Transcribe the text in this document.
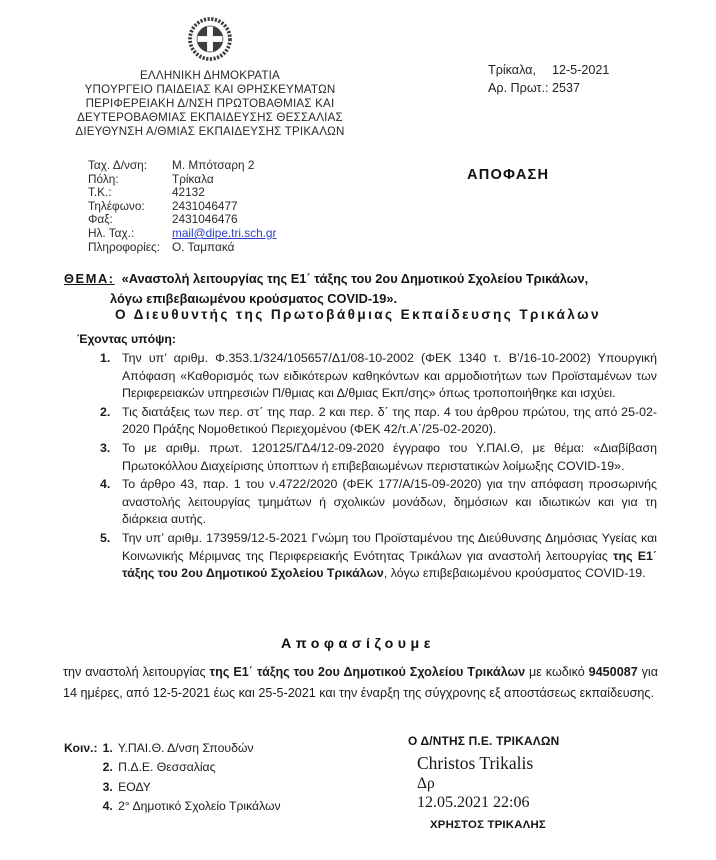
ΕΛΛΗΝΙΚΗ ΔΗΜΟΚΡΑΤΙΑ
ΥΠΟΥΡΓΕΙΟ ΠΑΙΔΕΙΑΣ ΚΑΙ ΘΡΗΣΚΕΥΜΑΤΩΝ
ΠΕΡΙΦΕΡΕΙΑΚΗ Δ/ΝΣΗ ΠΡΩΤΟΒΑΘΜΙΑΣ ΚΑΙ
ΔΕΥΤΕΡΟΒΑΘΜΙΑΣ ΕΚΠΑΙΔΕΥΣΗΣ ΘΕΣΣΑΛΙΑΣ
ΔΙΕΥΘΥΝΣΗ Α/ΘΜΙΑΣ ΕΚΠΑΙΔΕΥΣΗΣ ΤΡΙΚΑΛΩΝ
Τρίκαλα, 12-5-2021
Αρ. Πρωτ.: 2537
Ταχ. Δ/νση:	Μ. Μπότσαρη 2
Πόλη:	Τρίκαλα
Τ.Κ.:	42132
Τηλέφωνο:	2431046477
Φαξ:	2431046476
Ηλ. Ταχ.:	mail@dipe.tri.sch.gr
Πληροφορίες:	Ο. Ταμπακά
ΑΠΟΦΑΣΗ
ΘΕΜΑ: «Αναστολή λειτουργίας της Ε1΄ τάξης του 2ου Δημοτικού Σχολείου Τρικάλων,
λόγω επιβεβαιωμένου κρούσματος COVID-19».
Ο Διευθυντής της Πρωτοβάθμιας Εκπαίδευσης Τρικάλων
Έχοντας υπόψη:
1. Την υπ’ αριθμ. Φ.353.1/324/105657/Δ1/08-10-2002 (ΦΕΚ 1340 τ. Β’/16-10-2002) Υπουργική Απόφαση «Καθορισμός των ειδικότερων καθηκόντων και αρμοδιοτήτων των Προϊσταμένων των Περιφερειακών υπηρεσιών Π/θμιας και Δ/θμιας Εκπ/σης» όπως τροποποιήθηκε και ισχύει.
2. Τις διατάξεις των περ. στ΄ της παρ. 2 και περ. δ΄ της παρ. 4 του άρθρου πρώτου, της από 25-02-2020 Πράξης Νομοθετικού Περιεχομένου (ΦΕΚ 42/τ.Α΄/25-02-2020).
3. Το με αριθμ. πρωτ. 120125/ΓΔ4/12-09-2020 έγγραφο του Υ.ΠΑΙ.Θ, με θέμα: «Διαβίβαση Πρωτοκόλλου Διαχείρισης ύποπτων ή επιβεβαιωμένων περιστατικών λοίμωξης COVID-19».
4. Το άρθρο 43, παρ. 1 του ν.4722/2020 (ΦΕΚ 177/Α/15-09-2020) για την απόφαση προσωρινής αναστολής λειτουργίας τμημάτων ή σχολικών μονάδων, δημόσιων και ιδιωτικών και για τη διάρκεια αυτής.
5. Την υπ’ αριθμ. 173959/12-5-2021 Γνώμη του Προϊσταμένου της Διεύθυνσης Δημόσιας Υγείας και Κοινωνικής Μέριμνας της Περιφερειακής Ενότητας Τρικάλων για αναστολή λειτουργίας της Ε1΄ τάξης του 2ου Δημοτικού Σχολείου Τρικάλων, λόγω επιβεβαιωμένου κρούσματος COVID-19.
Αποφασίζουμε
την αναστολή λειτουργίας της Ε1΄ τάξης του 2ου Δημοτικού Σχολείου Τρικάλων με κωδικό 9450087 για 14 ημέρες, από 12-5-2021 έως και 25-5-2021 και την έναρξη της σύγχρονης εξ αποστάσεως εκπαίδευσης.
Κοιν.: 1. Υ.ΠΑΙ.Θ. Δ/νση Σπουδών
2. Π.Δ.Ε. Θεσσαλίας
3. ΕΟΔΥ
4. 2° Δημοτικό Σχολείο Τρικάλων
Ο Δ/ΝΤΗΣ Π.Ε. ΤΡΙΚΑΛΩΝ
Christos Trikalis
Δρ
12.05.2021 22:06
ΧΡΗΣΤΟΣ ΤΡΙΚΑΛΗΣ
